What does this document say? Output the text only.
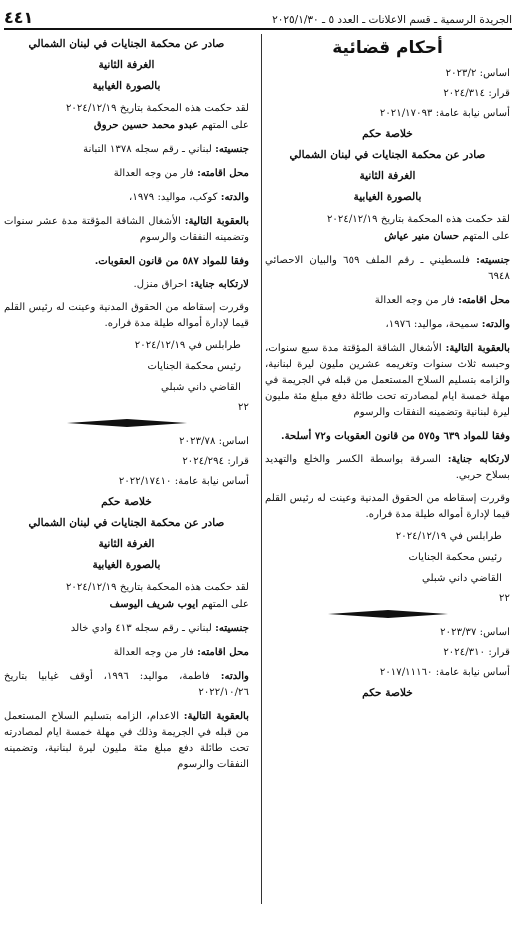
الجريدة الرسمية ـ قسم الاعلانات ـ العدد ٥ ـ ٢٠٢٥/١/٣٠
٤٤١
أحكام قضائية
اساس: ٢٠٢٣/٢
قرار: ٢٠٢٤/٣١٤
أساس نيابة عامة: ٢٠٢١/١٧٠٩٣
خلاصة حكم
صادر عن محكمة الجنايات في لبنان الشمالي
الغرفة الثانية
بالصورة الغيابية
لقد حكمت هذه المحكمة بتاريخ ٢٠٢٤/١٢/١٩
على المتهم حسان منير عياش
جنسيته: فلسطيني ـ رقم الملف ٦٥٩ والبيان الاحصائي ٦٩٤٨
محل اقامته: فار من وجه العدالة
والدته: سميحة، مواليد: ١٩٧٦،
بالعقوبة التالية: الأشغال الشاقة المؤقتة مدة سبع سنوات، وحبسه ثلاث سنوات وتغريمه عشرين مليون ليرة لبنانية، والزامه بتسليم السلاح المستعمل من قبله في الجريمة في مهلة خمسة ايام لمصادرته تحت طائلة دفع مبلغ مئة مليون ليرة لبنانية وتضمينه النفقات والرسوم
وفقا للمواد ٦٣٩ و٥٧٥ من قانون العقوبات و٧٢ أسلحة.
لارتكابه جناية: السرقة بواسطة الكسر والخلع والتهديد بسلاح حربي.
وقررت إسقاطه من الحقوق المدنية وعينت له رئيس القلم قيما لإدارة أمواله طيلة مدة فراره.
طرابلس في ٢٠٢٤/١٢/١٩
رئيس محكمة الجنايات
القاضي داني شبلي
٢٢
اساس: ٢٠٢٣/٣٧
قرار: ٢٠٢٤/٣١٠
أساس نيابة عامة: ٢٠١٧/١١١٦٠
خلاصة حكم
صادر عن محكمة الجنايات في لبنان الشمالي
الغرفة الثانية
بالصورة الغيابية
لقد حكمت هذه المحكمة بتاريخ ٢٠٢٤/١٢/١٩
على المتهم عبدو محمد حسين حروق
جنسيته: لبناني ـ رقم سجله ١٣٧٨ التبانة
محل اقامته: فار من وجه العدالة
والدته: كوكب، مواليد: ١٩٧٩،
بالعقوبة التالية: الأشغال الشاقة المؤقتة مدة عشر سنوات وتضمينه النفقات والرسوم
وفقا للمواد ٥٨٧ من قانون العقوبات.
لارتكابه جناية: احراق منزل.
وقررت إسقاطه من الحقوق المدنية وعينت له رئيس القلم قيما لإدارة أمواله طيلة مدة فراره.
طرابلس في ٢٠٢٤/١٢/١٩
رئيس محكمة الجنايات
القاضي داني شبلي
٢٢
اساس: ٢٠٢٣/٧٨
قرار: ٢٠٢٤/٢٩٤
أساس نيابة عامة: ٢٠٢٢/١٧٤١٠
خلاصة حكم
صادر عن محكمة الجنايات في لبنان الشمالي
الغرفة الثانية
بالصورة الغيابية
لقد حكمت هذه المحكمة بتاريخ ٢٠٢٤/١٢/١٩
على المتهم ايوب شريف اليوسف
جنسيته: لبناني ـ رقم سجله ٤١٣ وادي خالد
محل اقامته: فار من وجه العدالة
والدته: فاطمة، مواليد: ١٩٩٦، أوقف غيابيا بتاريخ ٢٠٢٢/١٠/٢٦
بالعقوبة التالية: الاعدام، الزامه بتسليم السلاح المستعمل من قبله في الجريمة وذلك في مهلة خمسة ايام لمصادرته تحت طائلة دفع مبلغ مئة مليون ليرة لبنانية، وتضمينه النفقات والرسوم
